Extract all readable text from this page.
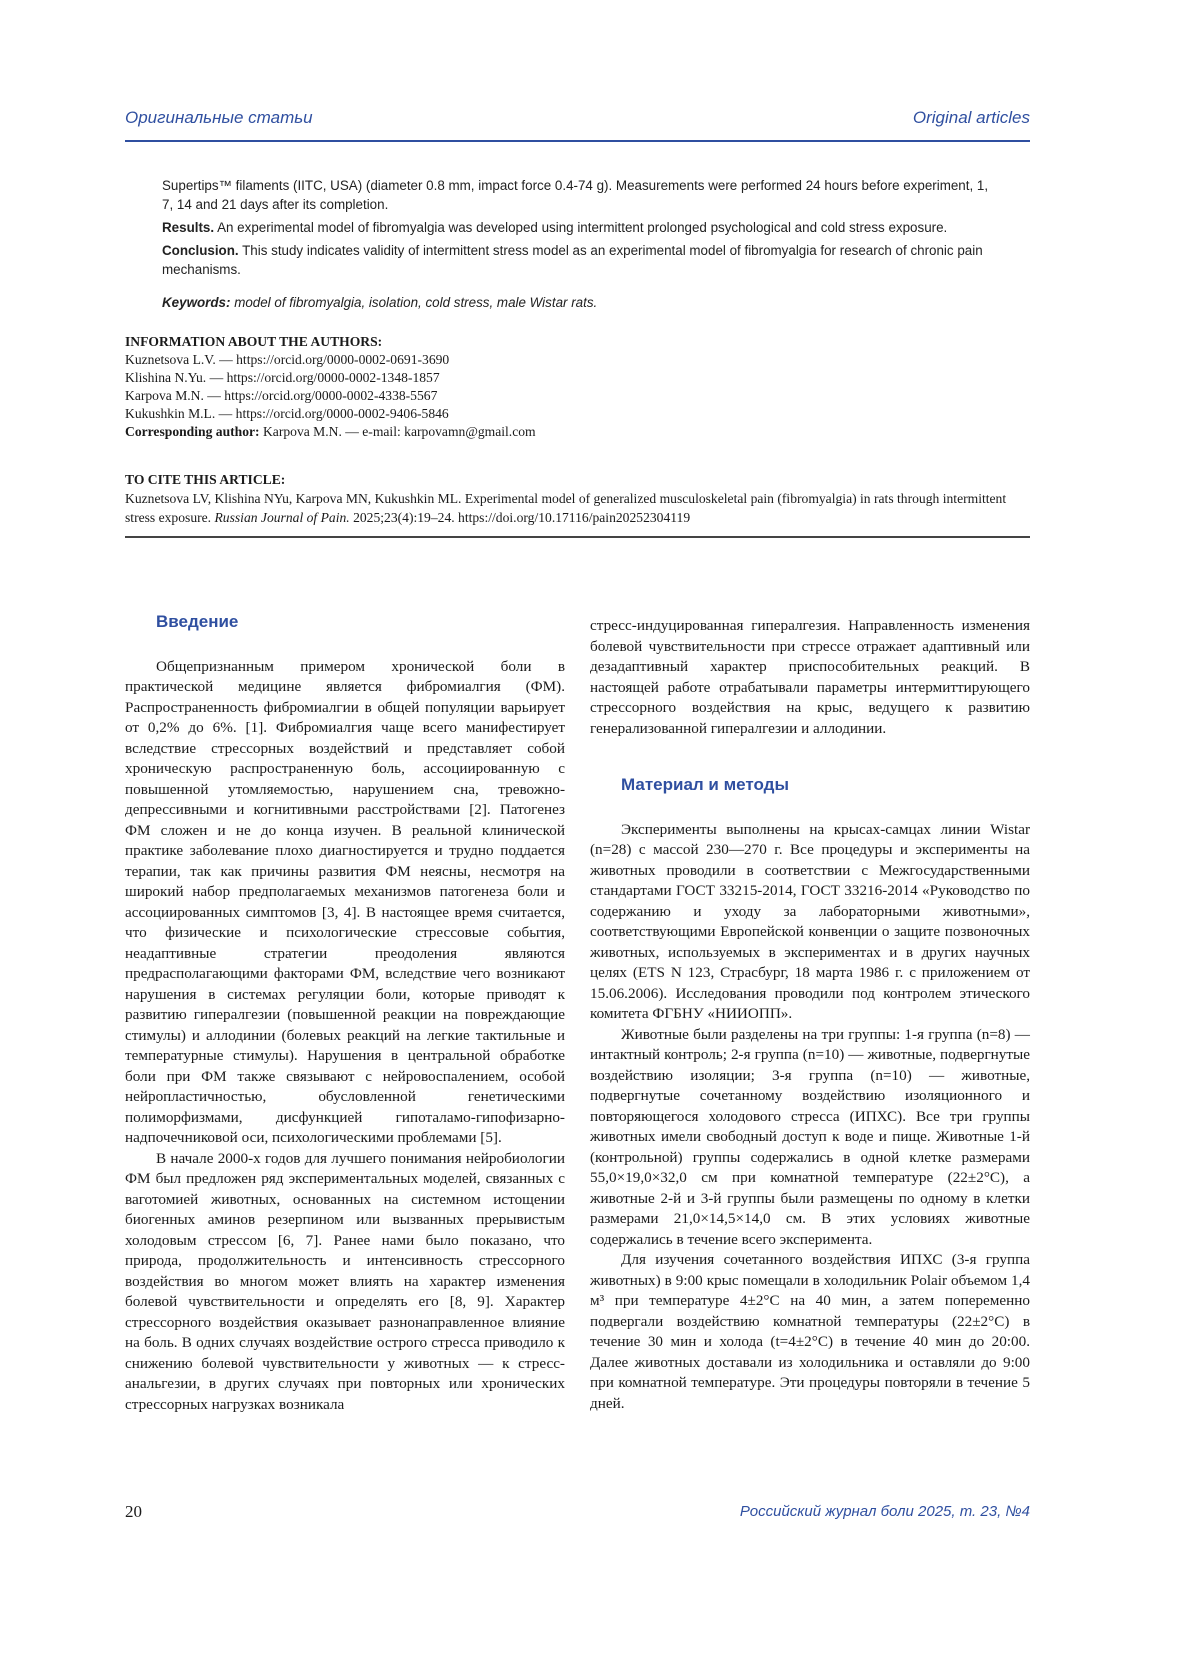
Оригинальные статьи	Original articles

Supertips™ filaments (IITC, USA) (diameter 0.8 mm, impact force 0.4-74 g). Measurements were performed 24 hours before experiment, 1, 7, 14 and 21 days after its completion.

Results. An experimental model of fibromyalgia was developed using intermittent prolonged psychological and cold stress exposure.

Conclusion. This study indicates validity of intermittent stress model as an experimental model of fibromyalgia for research of chronic pain mechanisms.

Keywords: model of fibromyalgia, isolation, cold stress, male Wistar rats.

INFORMATION ABOUT THE AUTHORS:
Kuznetsova L.V. — https://orcid.org/0000-0002-0691-3690
Klishina N.Yu. — https://orcid.org/0000-0002-1348-1857
Karpova M.N. — https://orcid.org/0000-0002-4338-5567
Kukushkin M.L. — https://orcid.org/0000-0002-9406-5846
Corresponding author: Karpova M.N. — e-mail: karpovamn@gmail.com
TO CITE THIS ARTICLE:
Kuznetsova LV, Klishina NYu, Karpova MN, Kukushkin ML. Experimental model of generalized musculoskeletal pain (fibromyalgia) in rats through intermittent stress exposure. Russian Journal of Pain. 2025;23(4):19–24. https://doi.org/10.17116/pain20252304119
Введение

Общепризнанным примером хронической боли в практической медицине является фибромиалгия (ФМ). Распространенность фибромиалгии в общей популяции варьирует от 0,2% до 6%. [1]. Фибромиалгия чаще всего манифестирует вследствие стрессорных воздействий и представляет собой хроническую распространенную боль, ассоциированную с повышенной утомляемостью, нарушением сна, тревожно-депрессивными и когнитивными расстройствами [2]. Патогенез ФМ сложен и не до конца изучен. В реальной клинической практике заболевание плохо диагностируется и трудно поддается терапии, так как причины развития ФМ неясны, несмотря на широкий набор предполагаемых механизмов патогенеза боли и ассоциированных симптомов [3, 4]. В настоящее время считается, что физические и психологические стрессовые события, неадаптивные стратегии преодоления являются предрасполагающими факторами ФМ, вследствие чего возникают нарушения в системах регуляции боли, которые приводят к развитию гипералгезии (повышенной реакции на повреждающие стимулы) и аллодинии (болевых реакций на легкие тактильные и температурные стимулы). Нарушения в центральной обработке боли при ФМ также связывают с нейровоспалением, особой нейропластичностью, обусловленной генетическими полиморфизмами, дисфункцией гипоталамо-гипофизарно-надпочечниковой оси, психологическими проблемами [5].

В начале 2000-х годов для лучшего понимания нейробиологии ФМ был предложен ряд экспериментальных моделей, связанных с ваготомией животных, основанных на системном истощении биогенных аминов резерпином или вызванных прерывистым холодовым стрессом [6, 7]. Ранее нами было показано, что природа, продолжительность и интенсивность стрессорного воздействия во многом может влиять на характер изменения болевой чувствительности и определять его [8, 9]. Характер стрессорного воздействия оказывает разнонаправленное влияние на боль. В одних случаях воздействие острого стресса приводило к снижению болевой чувствительности у животных — к стресс-анальгезии, в других случаях при повторных или хронических стрессорных нагрузках возникала

стресс-индуцированная гипералгезия. Направленность изменения болевой чувствительности при стрессе отражает адаптивный или дезадаптивный характер приспособительных реакций. В настоящей работе отрабатывали параметры интермиттирующего стрессорного воздействия на крыс, ведущего к развитию генерализованной гипералгезии и аллодинии.

Материал и методы

Эксперименты выполнены на крысах-самцах линии Wistar (n=28) с массой 230—270 г. Все процедуры и эксперименты на животных проводили в соответствии с Межгосударственными стандартами ГОСТ 33215-2014, ГОСТ 33216-2014 «Руководство по содержанию и уходу за лабораторными животными», соответствующими Европейской конвенции о защите позвоночных животных, используемых в экспериментах и в других научных целях (ETS N 123, Страсбург, 18 марта 1986 г. с приложением от 15.06.2006). Исследования проводили под контролем этического комитета ФГБНУ «НИИОПП».

Животные были разделены на три группы: 1-я группа (n=8) — интактный контроль; 2-я группа (n=10) — животные, подвергнутые воздействию изоляции; 3-я группа (n=10) — животные, подвергнутые сочетанному воздействию изоляционного и повторяющегося холодового стресса (ИПХС). Все три группы животных имели свободный доступ к воде и пище. Животные 1-й (контрольной) группы содержались в одной клетке размерами 55,0×19,0×32,0 см при комнатной температуре (22±2°С), а животные 2-й и 3-й группы были размещены по одному в клетки размерами 21,0×14,5×14,0 см. В этих условиях животные содержались в течение всего эксперимента.

Для изучения сочетанного воздействия ИПХС (3-я группа животных) в 9:00 крыс помещали в холодильник Polair объемом 1,4 м³ при температуре 4±2°С на 40 мин, а затем попеременно подвергали воздействию комнатной температуры (22±2°С) в течение 30 мин и холода (t=4±2°С) в течение 40 мин до 20:00. Далее животных доставали из холодильника и оставляли до 9:00 при комнатной температуре. Эти процедуры повторяли в течение 5 дней.

20	Российский журнал боли 2025, т. 23, №4
